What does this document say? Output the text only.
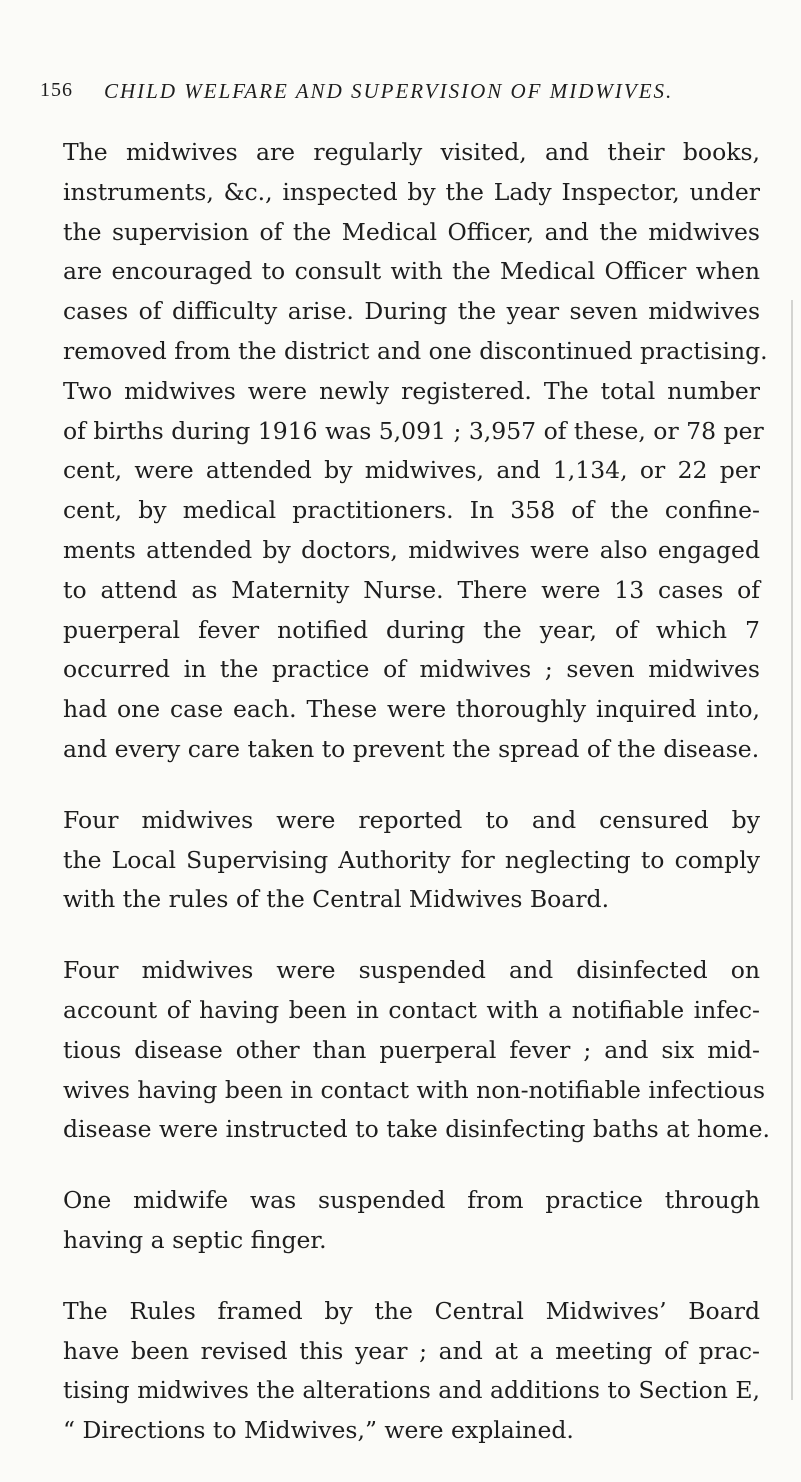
156 CHILD WELFARE AND SUPERVISION OF MIDWIVES.

The midwives are regularly visited, and their books,
instruments, &c., inspected by the Lady Inspector, under
the supervision of the Medical Officer, and the midwives
are encouraged to consult with the Medical Officer when
cases of difficulty arise. During the year seven midwives
removed from the district and one discontinued practising.
Two midwives were newly registered. The total number
of births during 1916 was 5,091 ; 3,957 of these, or 78 per
cent, were attended by midwives, and 1,134, or 22 per
cent, by medical practitioners. In 358 of the confine-
ments attended by doctors, midwives were also engaged
to attend as Maternity Nurse. There were 13 cases of
puerperal fever notified during the year, of which 7
occurred in the practice of midwives ; seven midwives
had one case each. These were thoroughly inquired into,
and every care taken to prevent the spread of the disease.

Four midwives were reported to and censured by
the Local Supervising Authority for neglecting to comply
with the rules of the Central Midwives Board.

Four midwives were suspended and disinfected on
account of having been in contact with a notifiable infec-
tious disease other than puerperal fever ; and six mid-
wives having been in contact with non-notifiable infectious
disease were instructed to take disinfecting baths at home.

One midwife was suspended from practice through
having a septic finger.

The Rules framed by the Central Midwives’ Board
have been revised this year ; and at a meeting of prac-
tising midwives the alterations and additions to Section E,
“ Directions to Midwives,” were explained.
